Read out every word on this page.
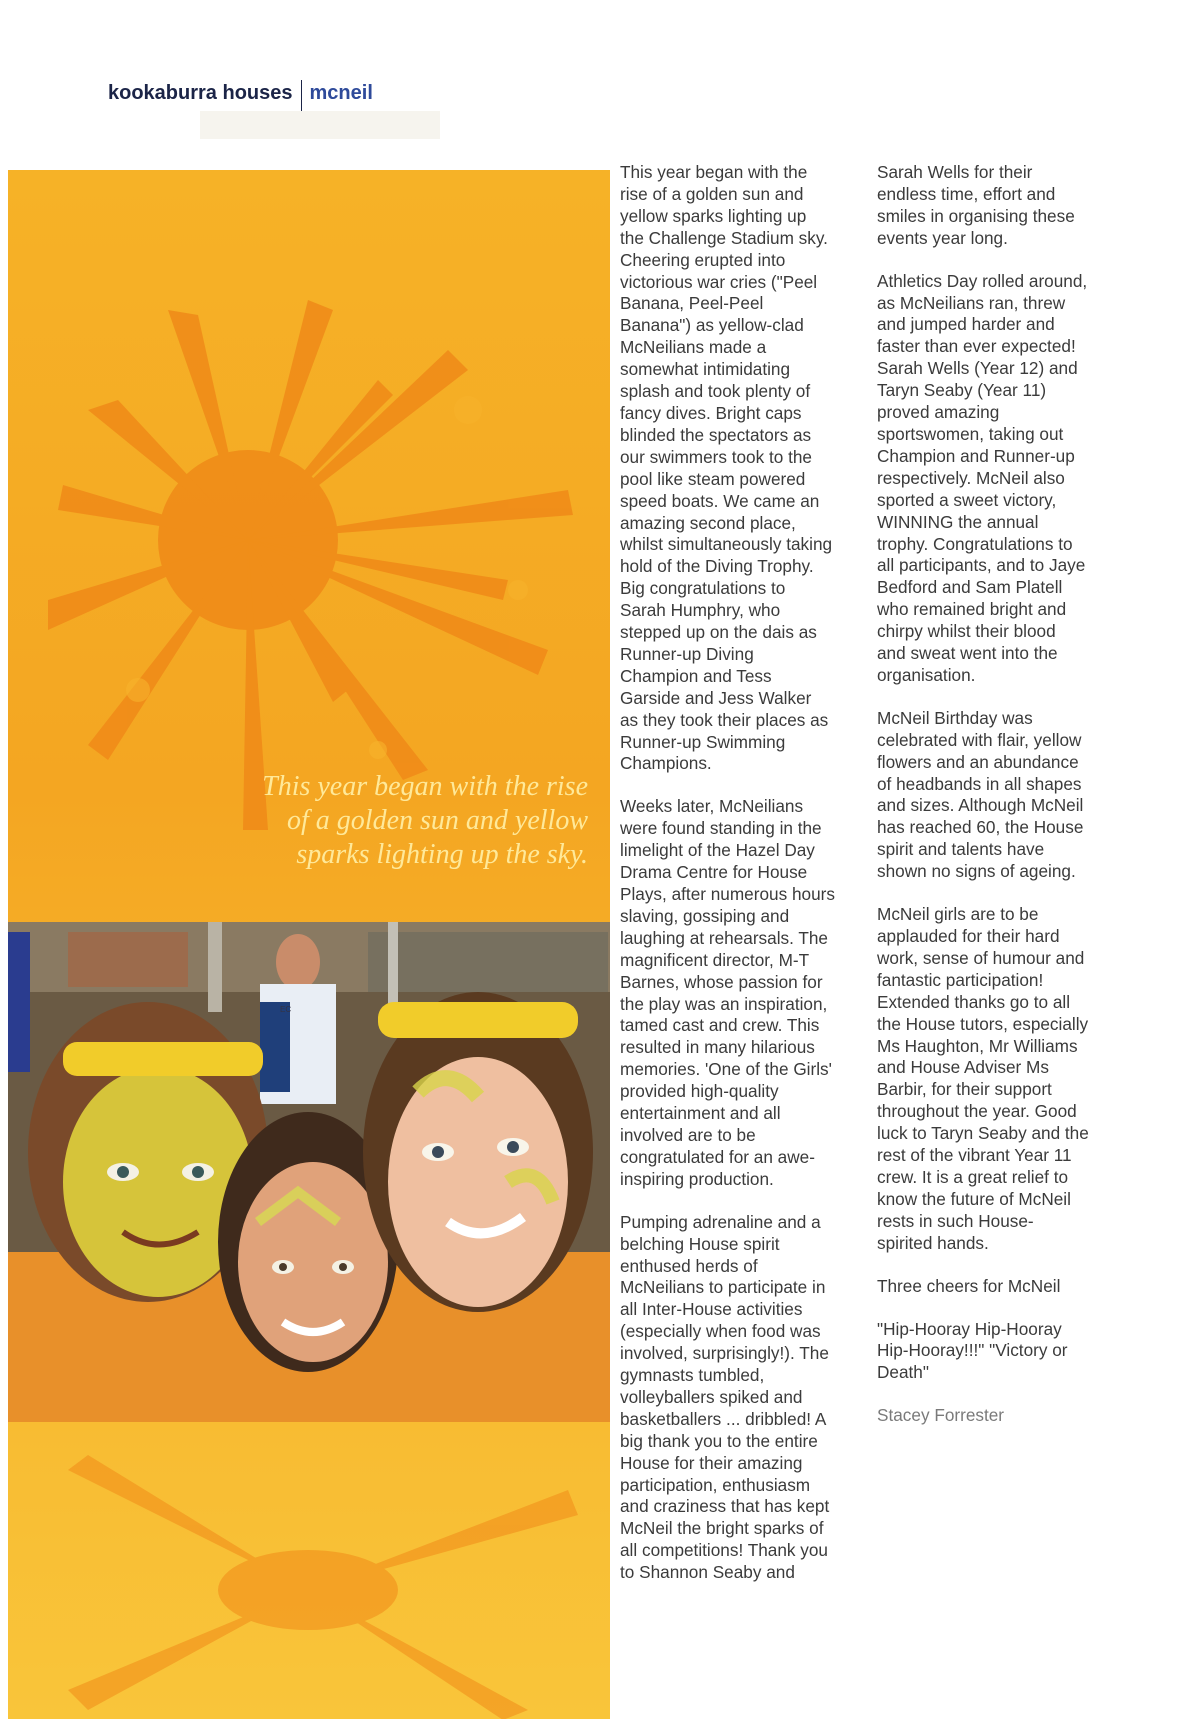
kookaburra houses mcneil
This year began with the rise
of a golden sun and yellow
sparks lighting up the sky.

This year began with the
rise of a golden sun and
yellow sparks lighting up
the Challenge Stadium sky.
Cheering erupted into
victorious war cries ("Peel
Banana, Peel-Peel
Banana") as yellow-clad
McNeilians made a
somewhat intimidating
splash and took plenty of
fancy dives. Bright caps
blinded the spectators as
our swimmers took to the
pool like steam powered
speed boats. We came an
amazing second place,
whilst simultaneously taking
hold of the Diving Trophy.
Big congratulations to
Sarah Humphry, who
stepped up on the dais as
Runner-up Diving
Champion and Tess
Garside and Jess Walker
as they took their places as
Runner-up Swimming
Champions.

Weeks later, McNeilians
were found standing in the
limelight of the Hazel Day
Drama Centre for House
Plays, after numerous hours
slaving, gossiping and
laughing at rehearsals. The
magnificent director, M-T
Barnes, whose passion for
the play was an inspiration,
tamed cast and crew. This
resulted in many hilarious
memories. 'One of the Girls'
provided high-quality
entertainment and all
involved are to be
congratulated for an awe-
inspiring production.

Pumping adrenaline and a
belching House spirit
enthused herds of
McNeilians to participate in
all Inter-House activities
(especially when food was
involved, surprisingly!). The
gymnasts tumbled,
volleyballers spiked and
basketballers ... dribbled! A
big thank you to the entire
House for their amazing
participation, enthusiasm
and craziness that has kept
McNeil the bright sparks of
all competitions! Thank you
to Shannon Seaby and

Sarah Wells for their
endless time, effort and
smiles in organising these
events year long.

Athletics Day rolled around,
as McNeilians ran, threw
and jumped harder and
faster than ever expected!
Sarah Wells (Year 12) and
Taryn Seaby (Year 11)
proved amazing
sportswomen, taking out
Champion and Runner-up
respectively. McNeil also
sported a sweet victory,
WINNING the annual
trophy. Congratulations to
all participants, and to Jaye
Bedford and Sam Platell
who remained bright and
chirpy whilst their blood
and sweat went into the
organisation.

McNeil Birthday was
celebrated with flair, yellow
flowers and an abundance
of headbands in all shapes
and sizes. Although McNeil
has reached 60, the House
spirit and talents have
shown no signs of ageing.

McNeil girls are to be
applauded for their hard
work, sense of humour and
fantastic participation!
Extended thanks go to all
the House tutors, especially
Ms Haughton, Mr Williams
and House Adviser Ms
Barbir, for their support
throughout the year. Good
luck to Taryn Seaby and the
rest of the vibrant Year 11
crew. It is a great relief to
know the future of McNeil
rests in such House-
spirited hands.

Three cheers for McNeil

"Hip-Hooray Hip-Hooray
Hip-Hooray!!!" "Victory or
Death"

Stacey Forrester

EC
